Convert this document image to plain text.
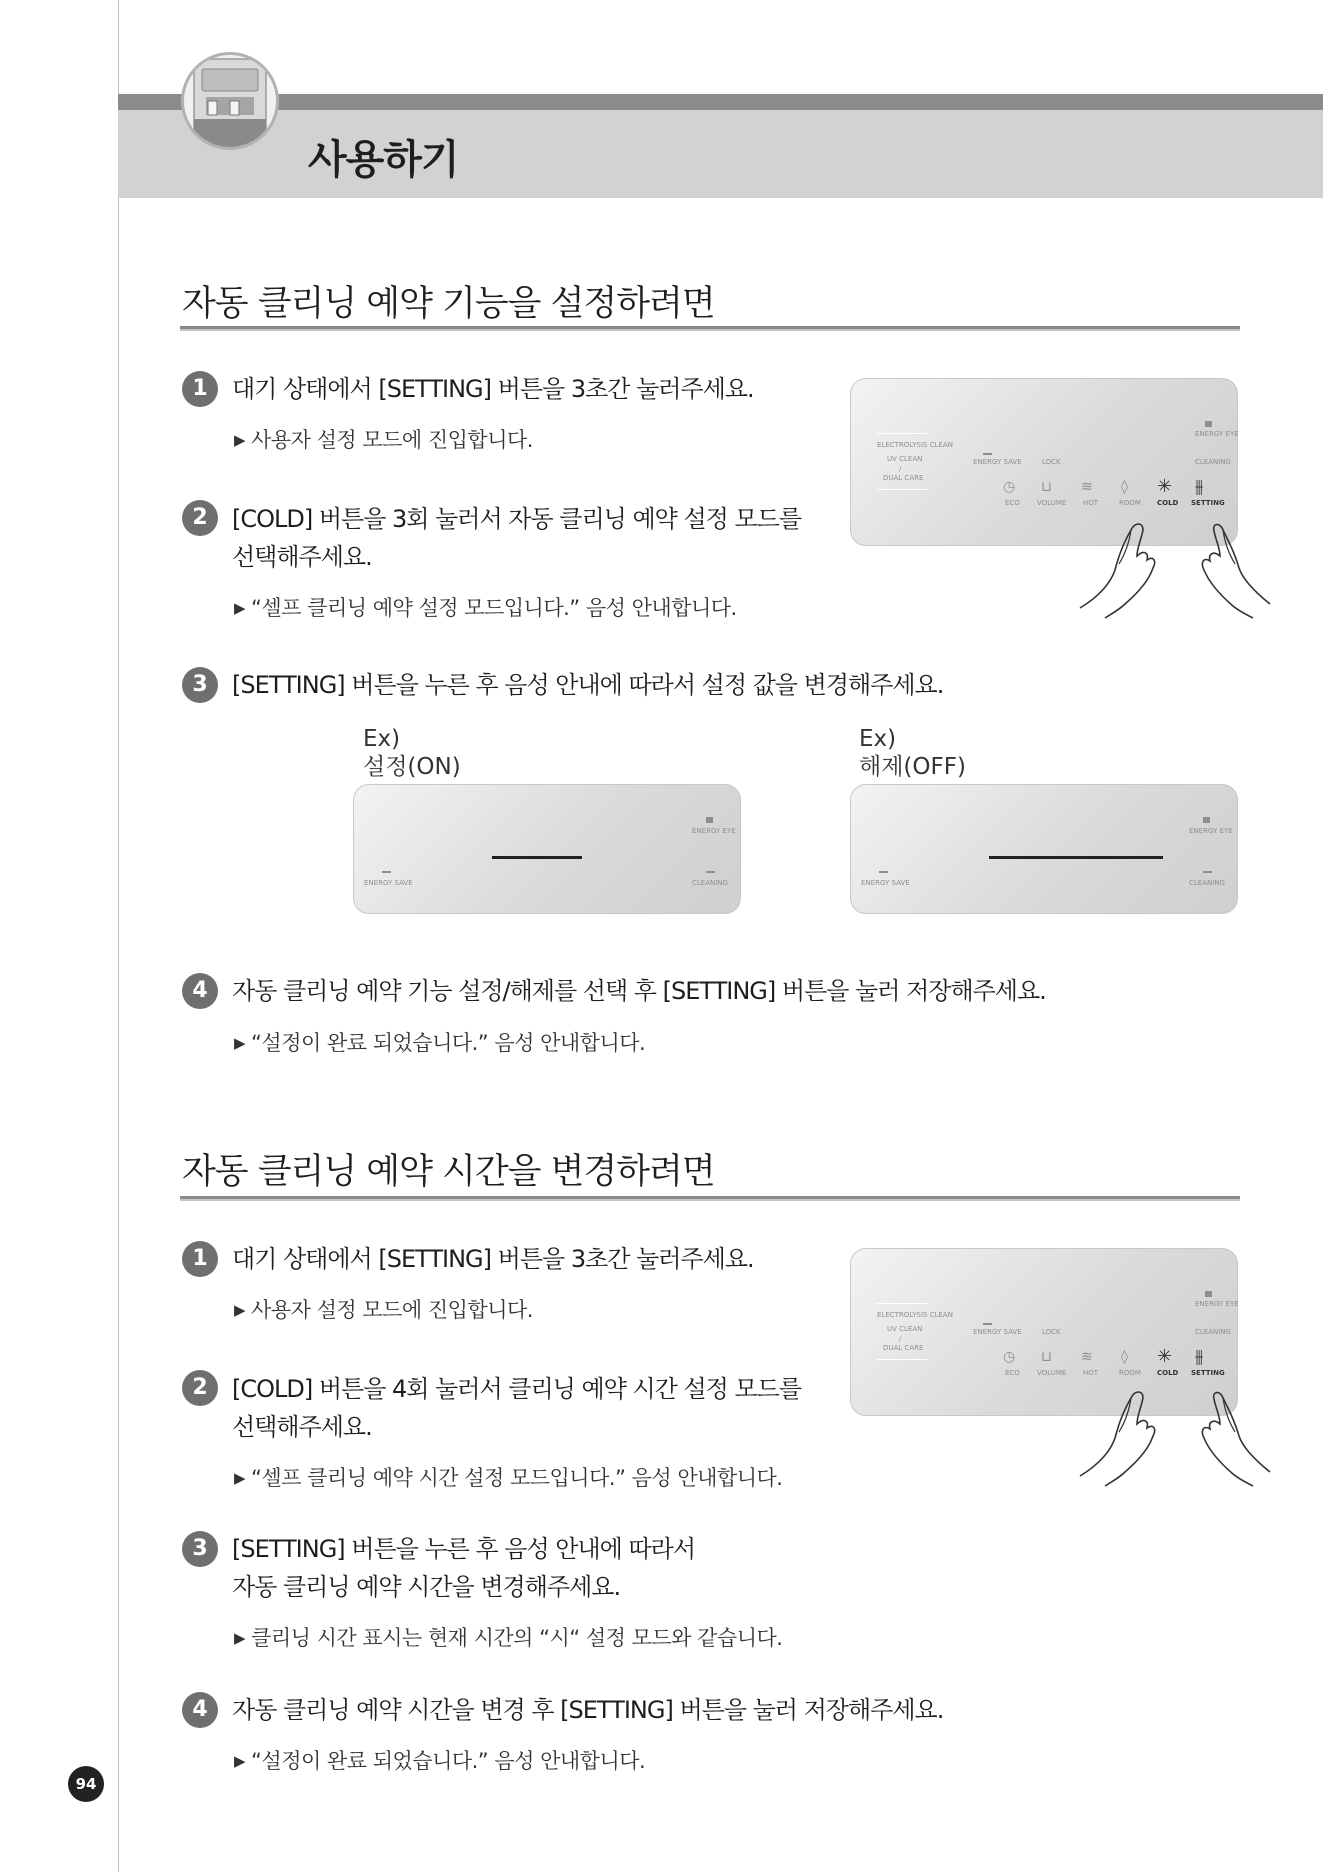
사용하기
자동 클리닝 예약 기능을 설정하려면
1	대기 상태에서 [SETTING] 버튼을 3초간 눌러주세요.
▶ 사용자 설정 모드에 진입합니다.
2	[COLD] 버튼을 3회 눌러서 자동 클리닝 예약 설정 모드를
선택해주세요.
▶ “셀프 클리닝 예약 설정 모드입니다.” 음성 안내합니다.
ELECTROLYSIS CLEAN
UV CLEAN
/
DUAL CARE
ENERGY SAVE	LOCK
ENERGY EYE
CLEANING
◷ ⊔ ≋ ◊ ✳ ⫵
ECO VOLUME HOT	ROOM COLD SETTING
3	[SETTING] 버튼을 누른 후 음성 안내에 따라서 설정 값을 변경해주세요.
Ex)
설정(ON)
Ex)
해제(OFF)
ENERGY EYE
ENERGY SAVE	CLEANING
ENERGY EYE
ENERGY SAVE	CLEANING
4	자동 클리닝 예약 기능 설정/해제를 선택 후 [SETTING] 버튼을 눌러 저장해주세요.
▶ “설정이 완료 되었습니다.” 음성 안내합니다.
자동 클리닝 예약 시간을 변경하려면
1	대기 상태에서 [SETTING] 버튼을 3초간 눌러주세요.
▶ 사용자 설정 모드에 진입합니다.
2	[COLD] 버튼을 4회 눌러서 클리닝 예약 시간 설정 모드를
선택해주세요.
▶ “셀프 클리닝 예약 시간 설정 모드입니다.” 음성 안내합니다.
ELECTROLYSIS CLEAN
UV CLEAN
/
DUAL CARE
ENERGY SAVE	LOCK
ENERGY EYE
CLEANING
◷ ⊔ ≋ ◊ ✳ ⫵
ECO VOLUME HOT	ROOM COLD SETTING
3	[SETTING] 버튼을 누른 후 음성 안내에 따라서
자동 클리닝 예약 시간을 변경해주세요.
▶ 클리닝 시간 표시는 현재 시간의 “시“ 설정 모드와 같습니다.
4	자동 클리닝 예약 시간을 변경 후 [SETTING] 버튼을 눌러 저장해주세요.
▶ “설정이 완료 되었습니다.” 음성 안내합니다.
94
